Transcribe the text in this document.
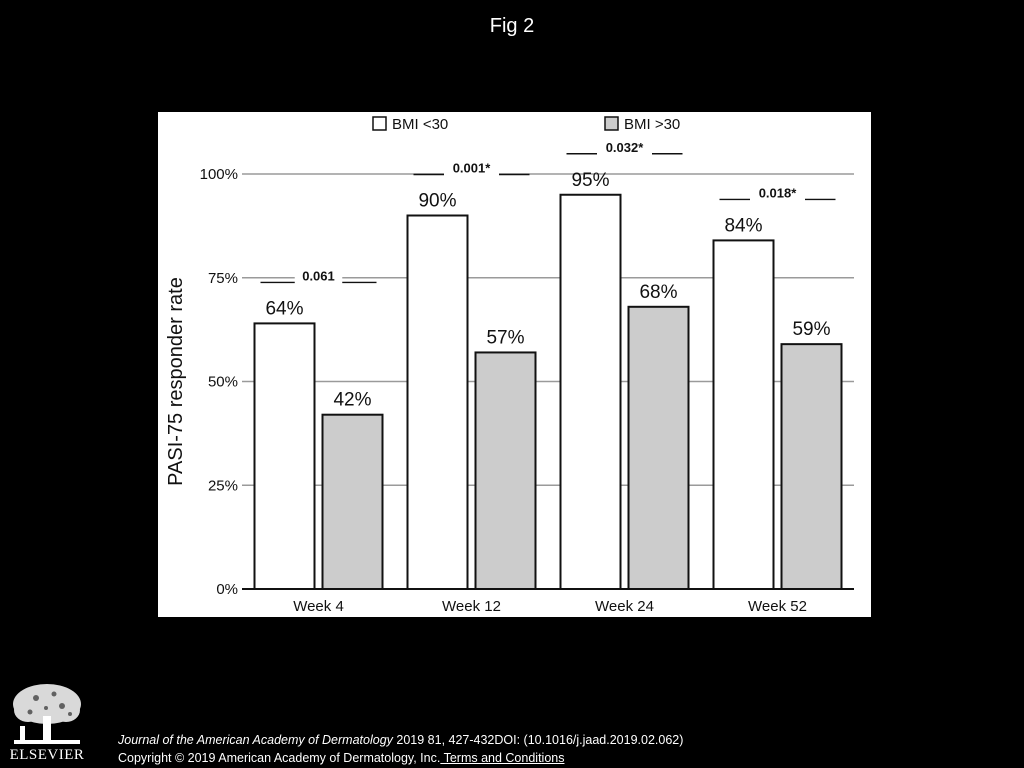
Fig 2
0%
25%
50%
75%
100%
PASI-75 responder rate	64%
42%
0.061
Week 4
90%
57%
0.001*
Week 12
95%
68%
0.032*
Week 24
84%
59%
0.018*
Week 52
BMI <30	BMI >30
ELSEVIER
Journal of the American Academy of Dermatology 2019 81, 427-432DOI: (10.1016/j.jaad.2019.02.062)
Copyright © 2019 American Academy of Dermatology, Inc. Terms and Conditions
